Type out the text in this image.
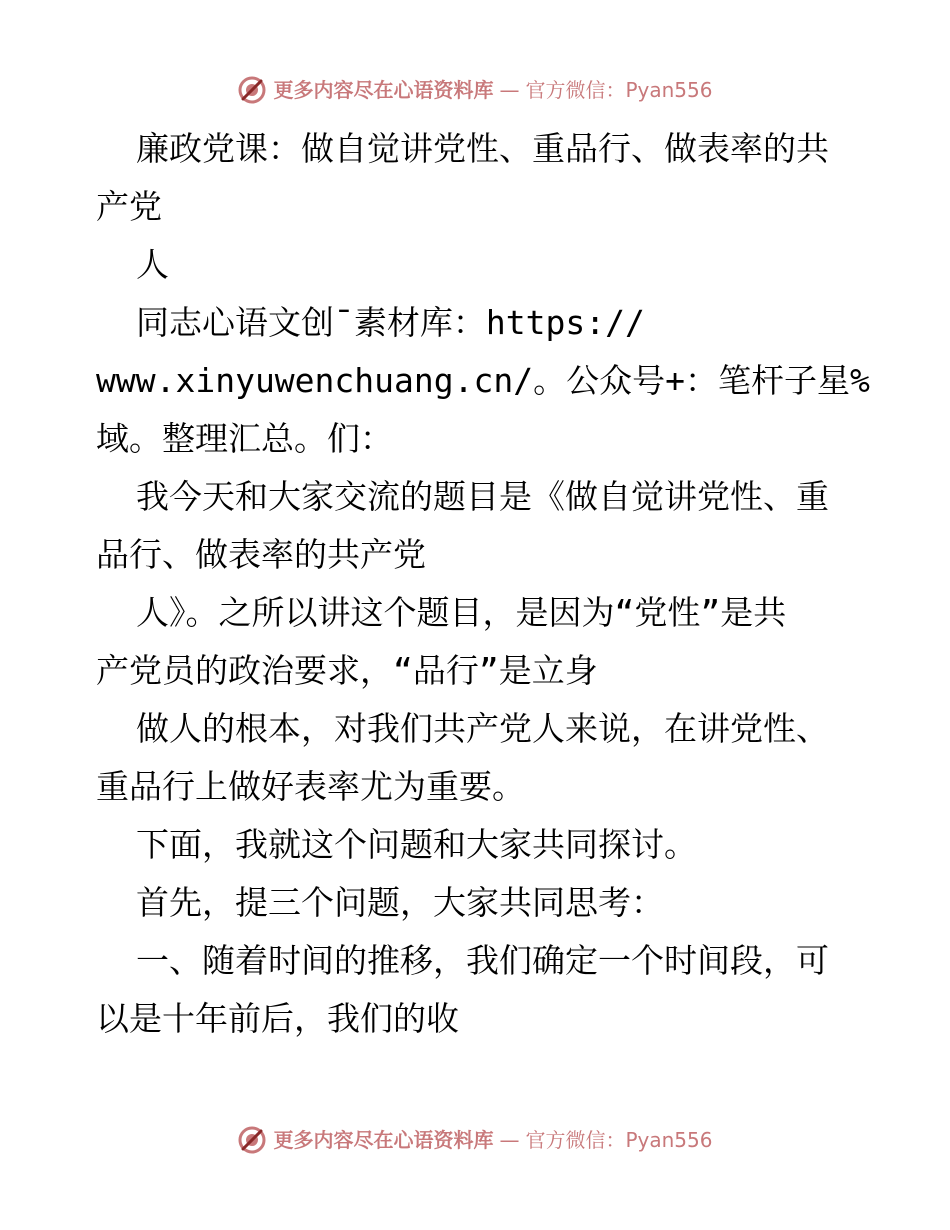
更多内容尽在心语资料库 — 官方微信：Pyan556
廉政党课：做自觉讲党性、重品行、做表率的共
产党
人
同志心语文创¯素材库：https://
www.xinyuwenchuang.cn/。公众号+：笔杆子星%
域。整理汇总。们：
我今天和大家交流的题目是《做自觉讲党性、重
品行、做表率的共产党
人》。之所以讲这个题目，是因为“党性”是共
产党员的政治要求，“品行”是立身
做人的根本，对我们共产党人来说，在讲党性、
重品行上做好表率尤为重要。
下面，我就这个问题和大家共同探讨。
首先，提三个问题，大家共同思考：
一、随着时间的推移，我们确定一个时间段，可
以是十年前后，我们的收
更多内容尽在心语资料库 — 官方微信：Pyan556
